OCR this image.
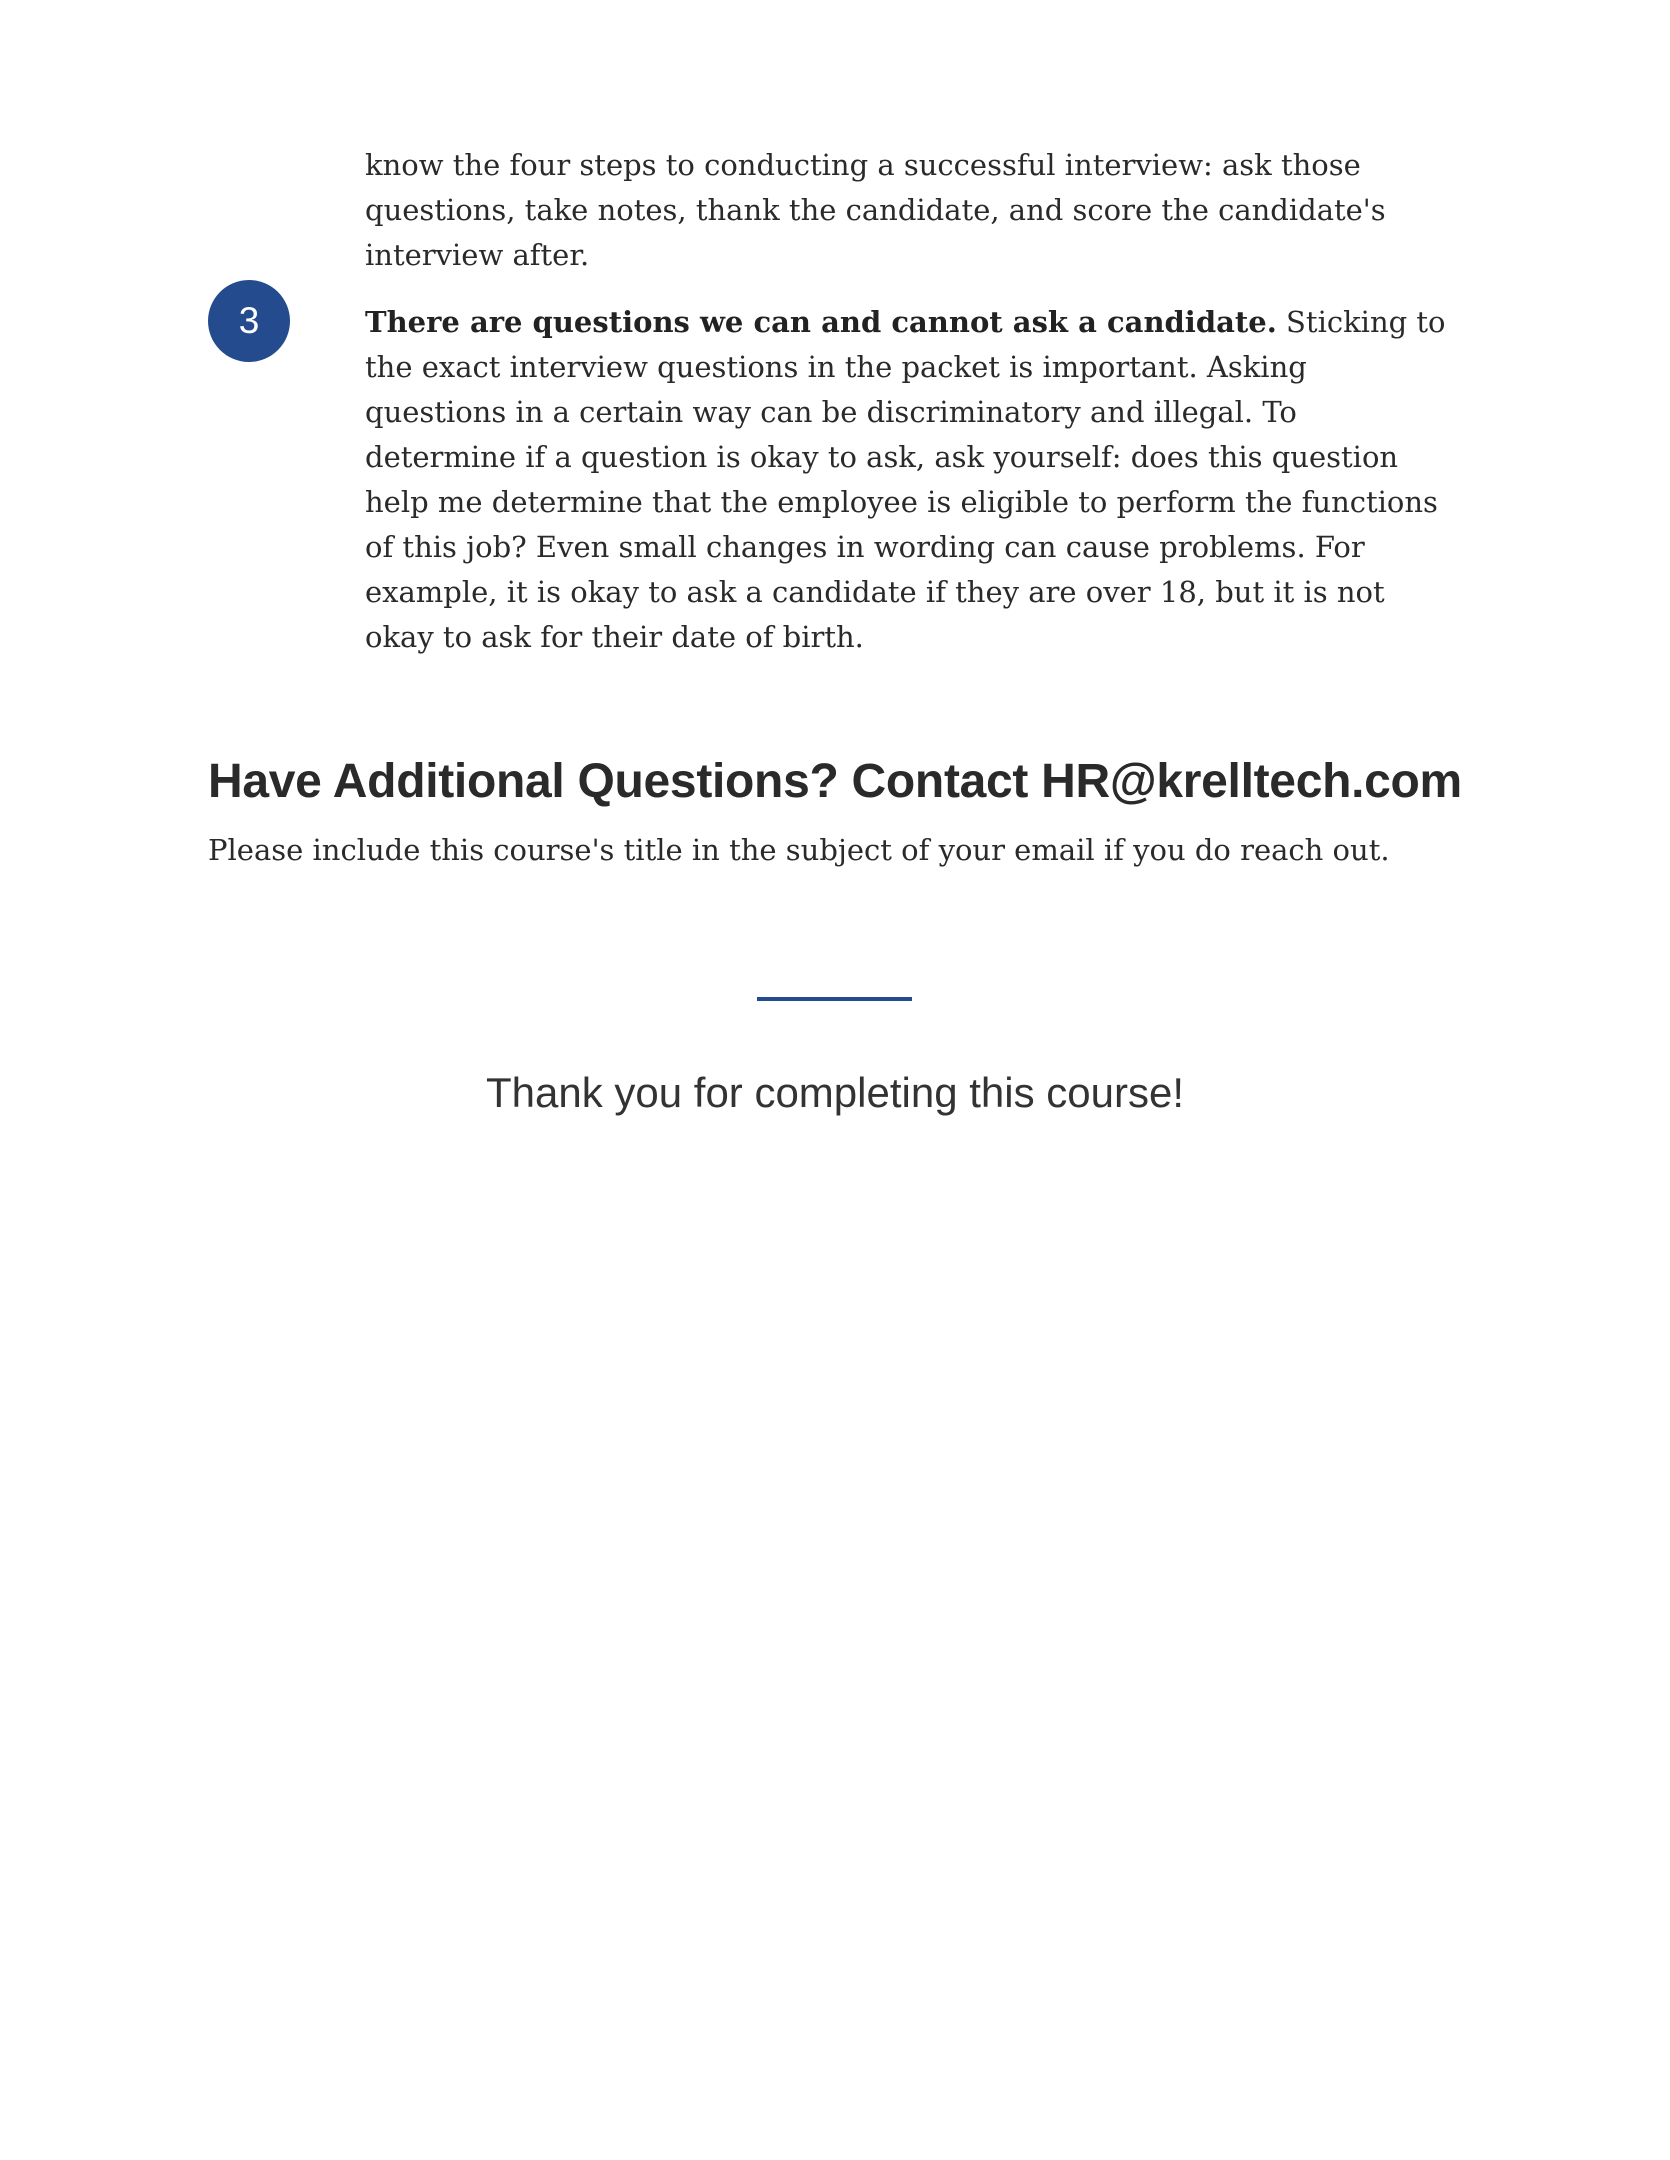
know the four steps to conducting a successful interview: ask those questions, take notes, thank the candidate, and score the candidate's interview after.

3	There are questions we can and cannot ask a candidate. Sticking to the exact interview questions in the packet is important. Asking questions in a certain way can be discriminatory and illegal. To determine if a question is okay to ask, ask yourself: does this question help me determine that the employee is eligible to perform the functions of this job? Even small changes in wording can cause problems. For example, it is okay to ask a candidate if they are over 18, but it is not okay to ask for their date of birth.

Have Additional Questions? Contact HR@krelltech.com

Please include this course's title in the subject of your email if you do reach out.

Thank you for completing this course!
